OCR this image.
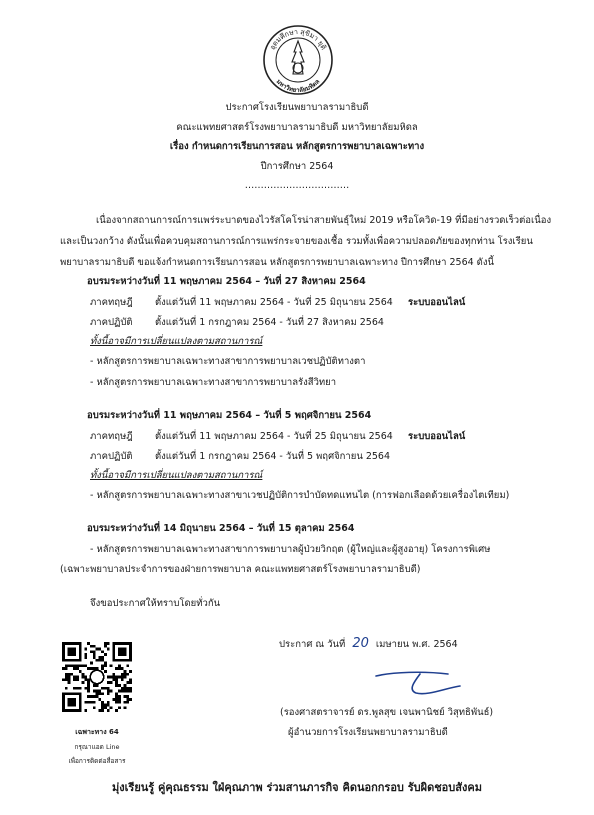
อุดมศึกษา สุขิมา ยุติ
มหาวิทยาลัยมหิดล
ประกาศโรงเรียนพยาบาลรามาธิบดี
คณะแพทยศาสตร์โรงพยาบาลรามาธิบดี มหาวิทยาลัยมหิดล
เรื่อง กำหนดการเรียนการสอน หลักสูตรการพยาบาลเฉพาะทาง
ปีการศึกษา 2564
……………………………
เนื่องจากสถานการณ์การแพร่ระบาดของไวรัสโคโรน่าสายพันธุ์ใหม่ 2019 หรือโควิด-19 ที่มีอย่างรวดเร็วต่อเนื่อง
และเป็นวงกว้าง ดังนั้นเพื่อควบคุมสถานการณ์การแพร่กระจายของเชื้อ รวมทั้งเพื่อความปลอดภัยของทุกท่าน โรงเรียน
พยาบาลรามาธิบดี ขอแจ้งกำหนดการเรียนการสอน หลักสูตรการพยาบาลเฉพาะทาง ปีการศึกษา 2564 ดังนี้
อบรมระหว่างวันที่ 11 พฤษภาคม 2564 – วันที่ 27 สิงหาคม 2564
ภาคทฤษฎี ตั้งแต่วันที่ 11 พฤษภาคม 2564 - วันที่ 25 มิถุนายน 2564 ระบบออนไลน์
ภาคปฏิบัติ ตั้งแต่วันที่ 1 กรกฎาคม 2564 - วันที่ 27 สิงหาคม 2564
ทั้งนี้อาจมีการเปลี่ยนแปลงตามสถานการณ์
- หลักสูตรการพยาบาลเฉพาะทางสาขาการพยาบาลเวชปฏิบัติทางตา
- หลักสูตรการพยาบาลเฉพาะทางสาขาการพยาบาลรังสีวิทยา
อบรมระหว่างวันที่ 11 พฤษภาคม 2564 – วันที่ 5 พฤศจิกายน 2564
ภาคทฤษฎี ตั้งแต่วันที่ 11 พฤษภาคม 2564 - วันที่ 25 มิถุนายน 2564 ระบบออนไลน์
ภาคปฏิบัติ ตั้งแต่วันที่ 1 กรกฎาคม 2564 - วันที่ 5 พฤศจิกายน 2564
ทั้งนี้อาจมีการเปลี่ยนแปลงตามสถานการณ์
- หลักสูตรการพยาบาลเฉพาะทางสาขาเวชปฏิบัติการบำบัดทดแทนไต (การฟอกเลือดด้วยเครื่องไตเทียม)
อบรมระหว่างวันที่ 14 มิถุนายน 2564 – วันที่ 15 ตุลาคม 2564
- หลักสูตรการพยาบาลเฉพาะทางสาขาการพยาบาลผู้ป่วยวิกฤต (ผู้ใหญ่และผู้สูงอายุ) โครงการพิเศษ
(เฉพาะพยาบาลประจำการของฝ่ายการพยาบาล คณะแพทยศาสตร์โรงพยาบาลรามาธิบดี)
จึงขอประกาศให้ทราบโดยทั่วกัน
ประกาศ ณ วันที่ 20 เมษายน พ.ศ. 2564
(รองศาสตราจารย์ ดร.พูลสุข เจนพานิชย์ วิสุทธิพันธ์)
ผู้อำนวยการโรงเรียนพยาบาลรามาธิบดี
เฉพาะทาง 64
กรุณาแอด Line
เพื่อการติดต่อสื่อสาร
มุ่งเรียนรู้ คู่คุณธรรม ใฝ่คุณภาพ ร่วมสานภารกิจ คิดนอกกรอบ รับผิดชอบสังคม
